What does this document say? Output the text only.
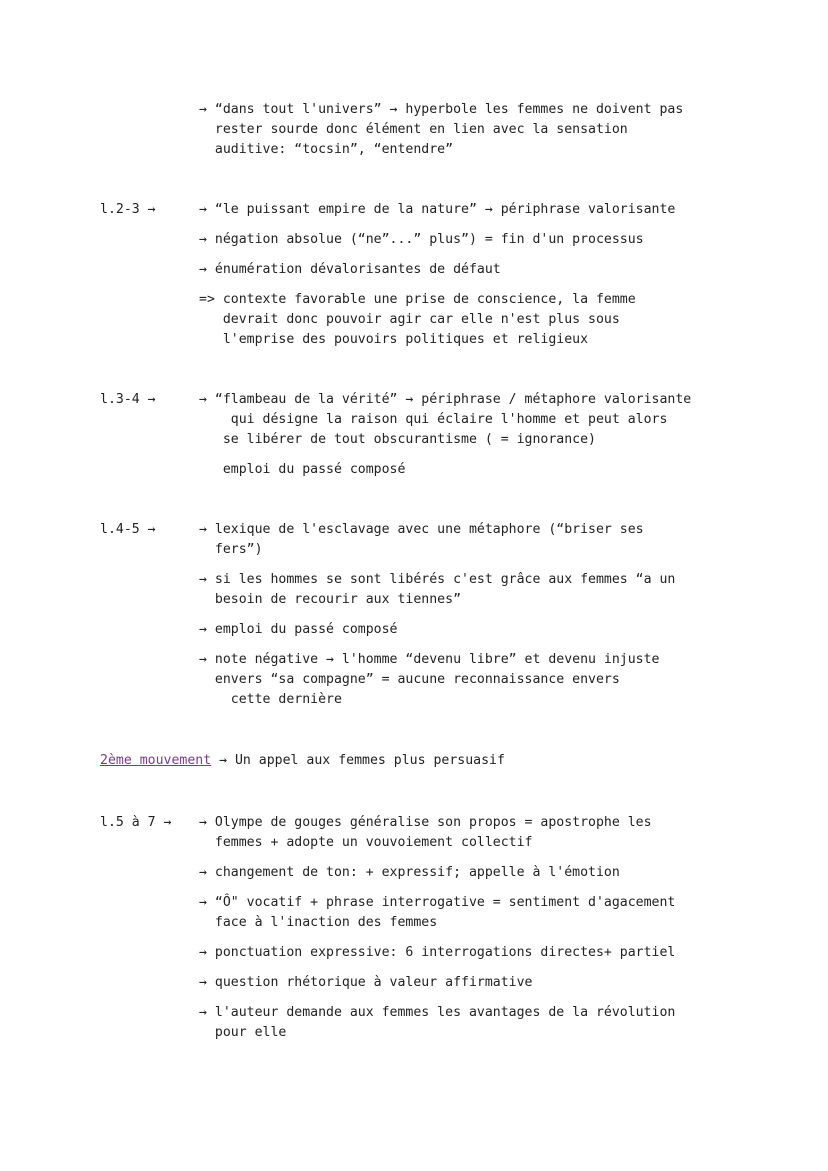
→ “dans tout l'univers” → hyperbole les femmes ne doivent pas
rester sourde donc élément en lien avec la sensation
auditive: “tocsin”, “entendre”
l.2-3 →	→ “le puissant empire de la nature” → périphrase valorisante
→ négation absolue (“ne”...” plus”) = fin d'un processus
→ énumération dévalorisantes de défaut
=> contexte favorable une prise de conscience, la femme
devrait donc pouvoir agir car elle n'est plus sous
l'emprise des pouvoirs politiques et religieux
l.3-4 →	→ “flambeau de la vérité” → périphrase / métaphore valorisante
qui désigne la raison qui éclaire l'homme et peut alors
se libérer de tout obscurantisme ( = ignorance)
emploi du passé composé
l.4-5 →	→ lexique de l'esclavage avec une métaphore (“briser ses
fers”)
→ si les hommes se sont libérés c'est grâce aux femmes “a un
besoin de recourir aux tiennes”
→ emploi du passé composé
→ note négative → l'homme “devenu libre” et devenu injuste
envers “sa compagne” = aucune reconnaissance envers
cette dernière
2ème mouvement → Un appel aux femmes plus persuasif
l.5 à 7 → → Olympe de gouges généralise son propos = apostrophe les
femmes + adopte un vouvoiement collectif
→ changement de ton: + expressif; appelle à l'émotion
→ “Ô" vocatif + phrase interrogative = sentiment d'agacement
face à l'inaction des femmes
→ ponctuation expressive: 6 interrogations directes+ partiel
→ question rhétorique à valeur affirmative
→ l'auteur demande aux femmes les avantages de la révolution
pour elle
